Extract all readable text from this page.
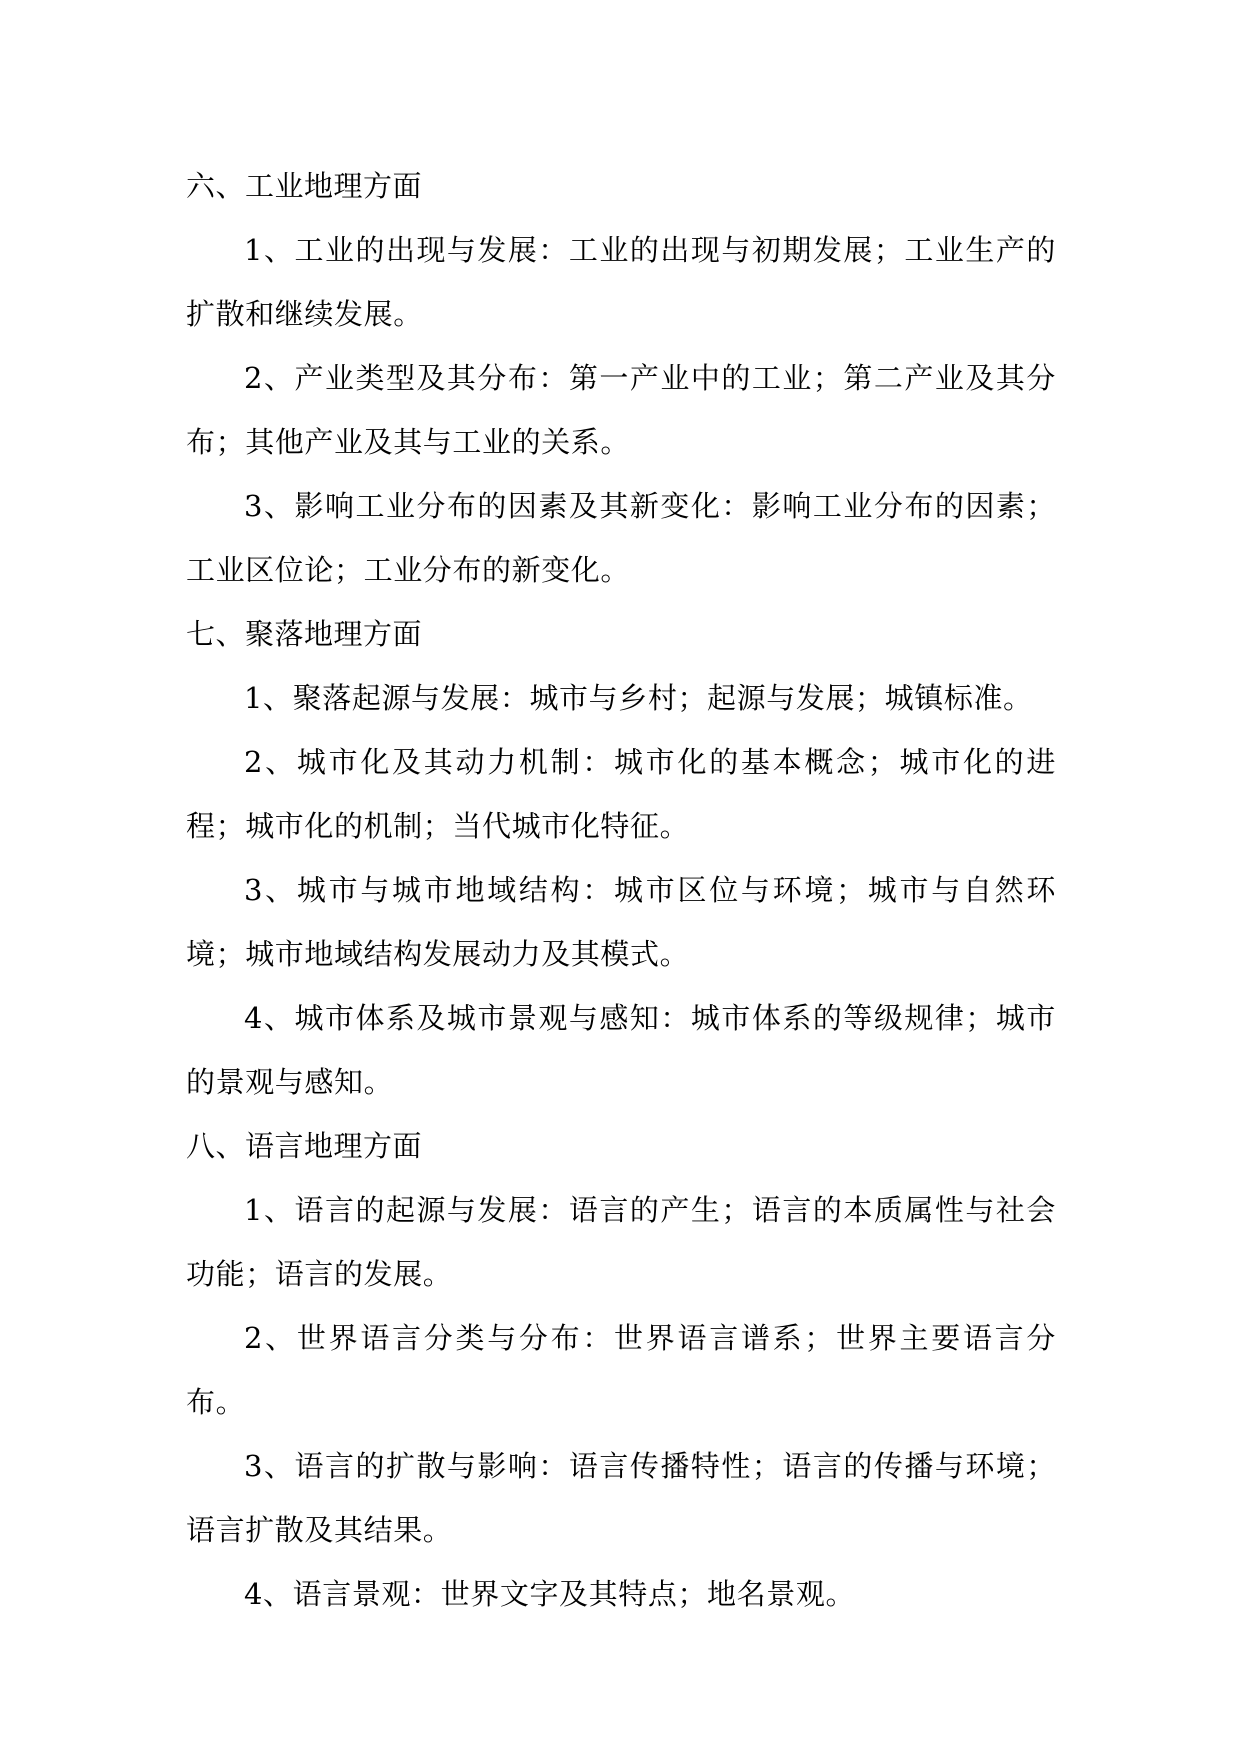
六、工业地理方面

1、工业的出现与发展：工业的出现与初期发展；工业生产的扩散和继续发展。

2、产业类型及其分布：第一产业中的工业；第二产业及其分布；其他产业及其与工业的关系。

3、影响工业分布的因素及其新变化：影响工业分布的因素；工业区位论；工业分布的新变化。

七、聚落地理方面

1、聚落起源与发展：城市与乡村；起源与发展；城镇标准。

2、城市化及其动力机制：城市化的基本概念；城市化的进程；城市化的机制；当代城市化特征。

3、城市与城市地域结构：城市区位与环境；城市与自然环境；城市地域结构发展动力及其模式。

4、城市体系及城市景观与感知：城市体系的等级规律；城市的景观与感知。

八、语言地理方面

1、语言的起源与发展：语言的产生；语言的本质属性与社会功能；语言的发展。

2、世界语言分类与分布：世界语言谱系；世界主要语言分布。

3、语言的扩散与影响：语言传播特性；语言的传播与环境；语言扩散及其结果。

4、语言景观：世界文字及其特点；地名景观。
